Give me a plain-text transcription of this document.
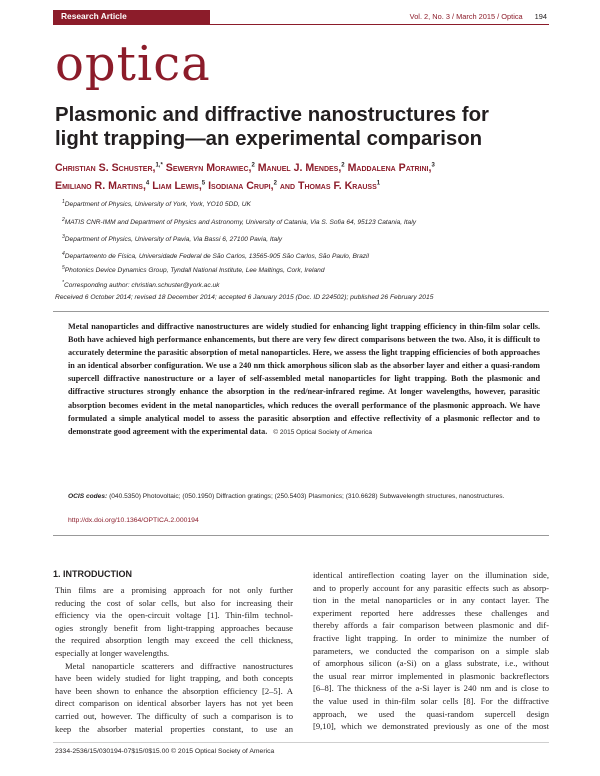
Research Article	Vol. 2, No. 3 / March 2015 / Optica 194
optica
Plasmonic and diffractive nanostructures for
light trapping—an experimental comparison
Christian S. Schuster,$^{1,*}$ Seweryn Morawiec,$^2$ Manuel J. Mendes,$^2$ Maddalena Patrini,$^3$
Emiliano R. Martins,$^4$ Liam Lewis,$^5$ Isodiana Crupi,$^2$ and Thomas F. Krauss$^1$
$^1$Department of Physics, University of York, York, YO10 5DD, UK
$^2$MATIS CNR-IMM and Department of Physics and Astronomy, University of Catania, Via S. Sofia 64, 95123 Catania, Italy
$^3$Department of Physics, University of Pavia, Via Bassi 6, 27100 Pavia, Italy
$^4$Departamento de Física, Universidade Federal de São Carlos, 13565-905 São Carlos, São Paulo, Brazil
$^5$Photonics Device Dynamics Group, Tyndall National Institute, Lee Maltings, Cork, Ireland
*Corresponding author: christian.schuster@york.ac.uk
Received 6 October 2014; revised 18 December 2014; accepted 6 January 2015 (Doc. ID 224502); published 26 February 2015
Metal nanoparticles and diffractive nanostructures are widely studied for enhancing light trapping efficiency in thin-film solar cells. Both have achieved high performance enhancements, but there are very few direct comparisons between the two. Also, it is difficult to accurately determine the parasitic absorption of metal nanoparticles. Here, we assess the light trapping efficiencies of both approaches in an identical absorber configuration. We use a 240 nm thick amorphous silicon slab as the absorber layer and either a quasi-random supercell diffractive nanostructure or a layer of self-assembled metal nanoparticles for light trapping. Both the plasmonic and diffractive structures strongly enhance the absorption in the red/near-infrared regime. At longer wavelengths, however, parasitic absorption becomes evident in the metal nanoparticles, which reduces the overall performance of the plasmonic approach. We have formulated a simple analytical model to assess the parasitic absorption and effective reflectivity of a plasmonic reflector and to demonstrate good agreement with the experimental data. © 2015 Optical Society of America
OCIS codes: (040.5350) Photovoltaic; (050.1950) Diffraction gratings; (250.5403) Plasmonics; (310.6628) Subwavelength structures, nanostructures.
http://dx.doi.org/10.1364/OPTICA.2.000194
1. INTRODUCTION
Thin films are a promising approach for not only further
reducing the cost of solar cells, but also for increasing their
efficiency via the open-circuit voltage [1]. Thin-film technol-
ogies strongly benefit from light-trapping approaches because
the required absorption length may exceed the cell thickness,
especially at longer wavelengths.
Metal nanoparticle scatterers and diffractive nanostructures
have been widely studied for light trapping, and both concepts
have been shown to enhance the absorption efficiency [2–5]. A
direct comparison on identical absorber layers has not yet been
carried out, however. The difficulty of such a comparison is to
keep the absorber material properties constant, to use an
identical antireflection coating layer on the illumination side,
and to properly account for any parasitic effects such as absorp-
tion in the metal nanoparticles or in any contact layer. The
experiment reported here addresses these challenges and
thereby affords a fair comparison between plasmonic and dif-
fractive light trapping. In order to minimize the number of
parameters, we conducted the comparison on a simple slab
of amorphous silicon (a-Si) on a glass substrate, i.e., without
the usual rear mirror implemented in plasmonic backreflectors
[6–8]. The thickness of the a-Si layer is 240 nm and is close to
the value used in thin-film solar cells [8]. For the diffractive
approach, we used the quasi-random supercell design
[9,10], which we demonstrated previously as one of the most
2334-2536/15/030194-07$15/0$15.00 © 2015 Optical Society of America
